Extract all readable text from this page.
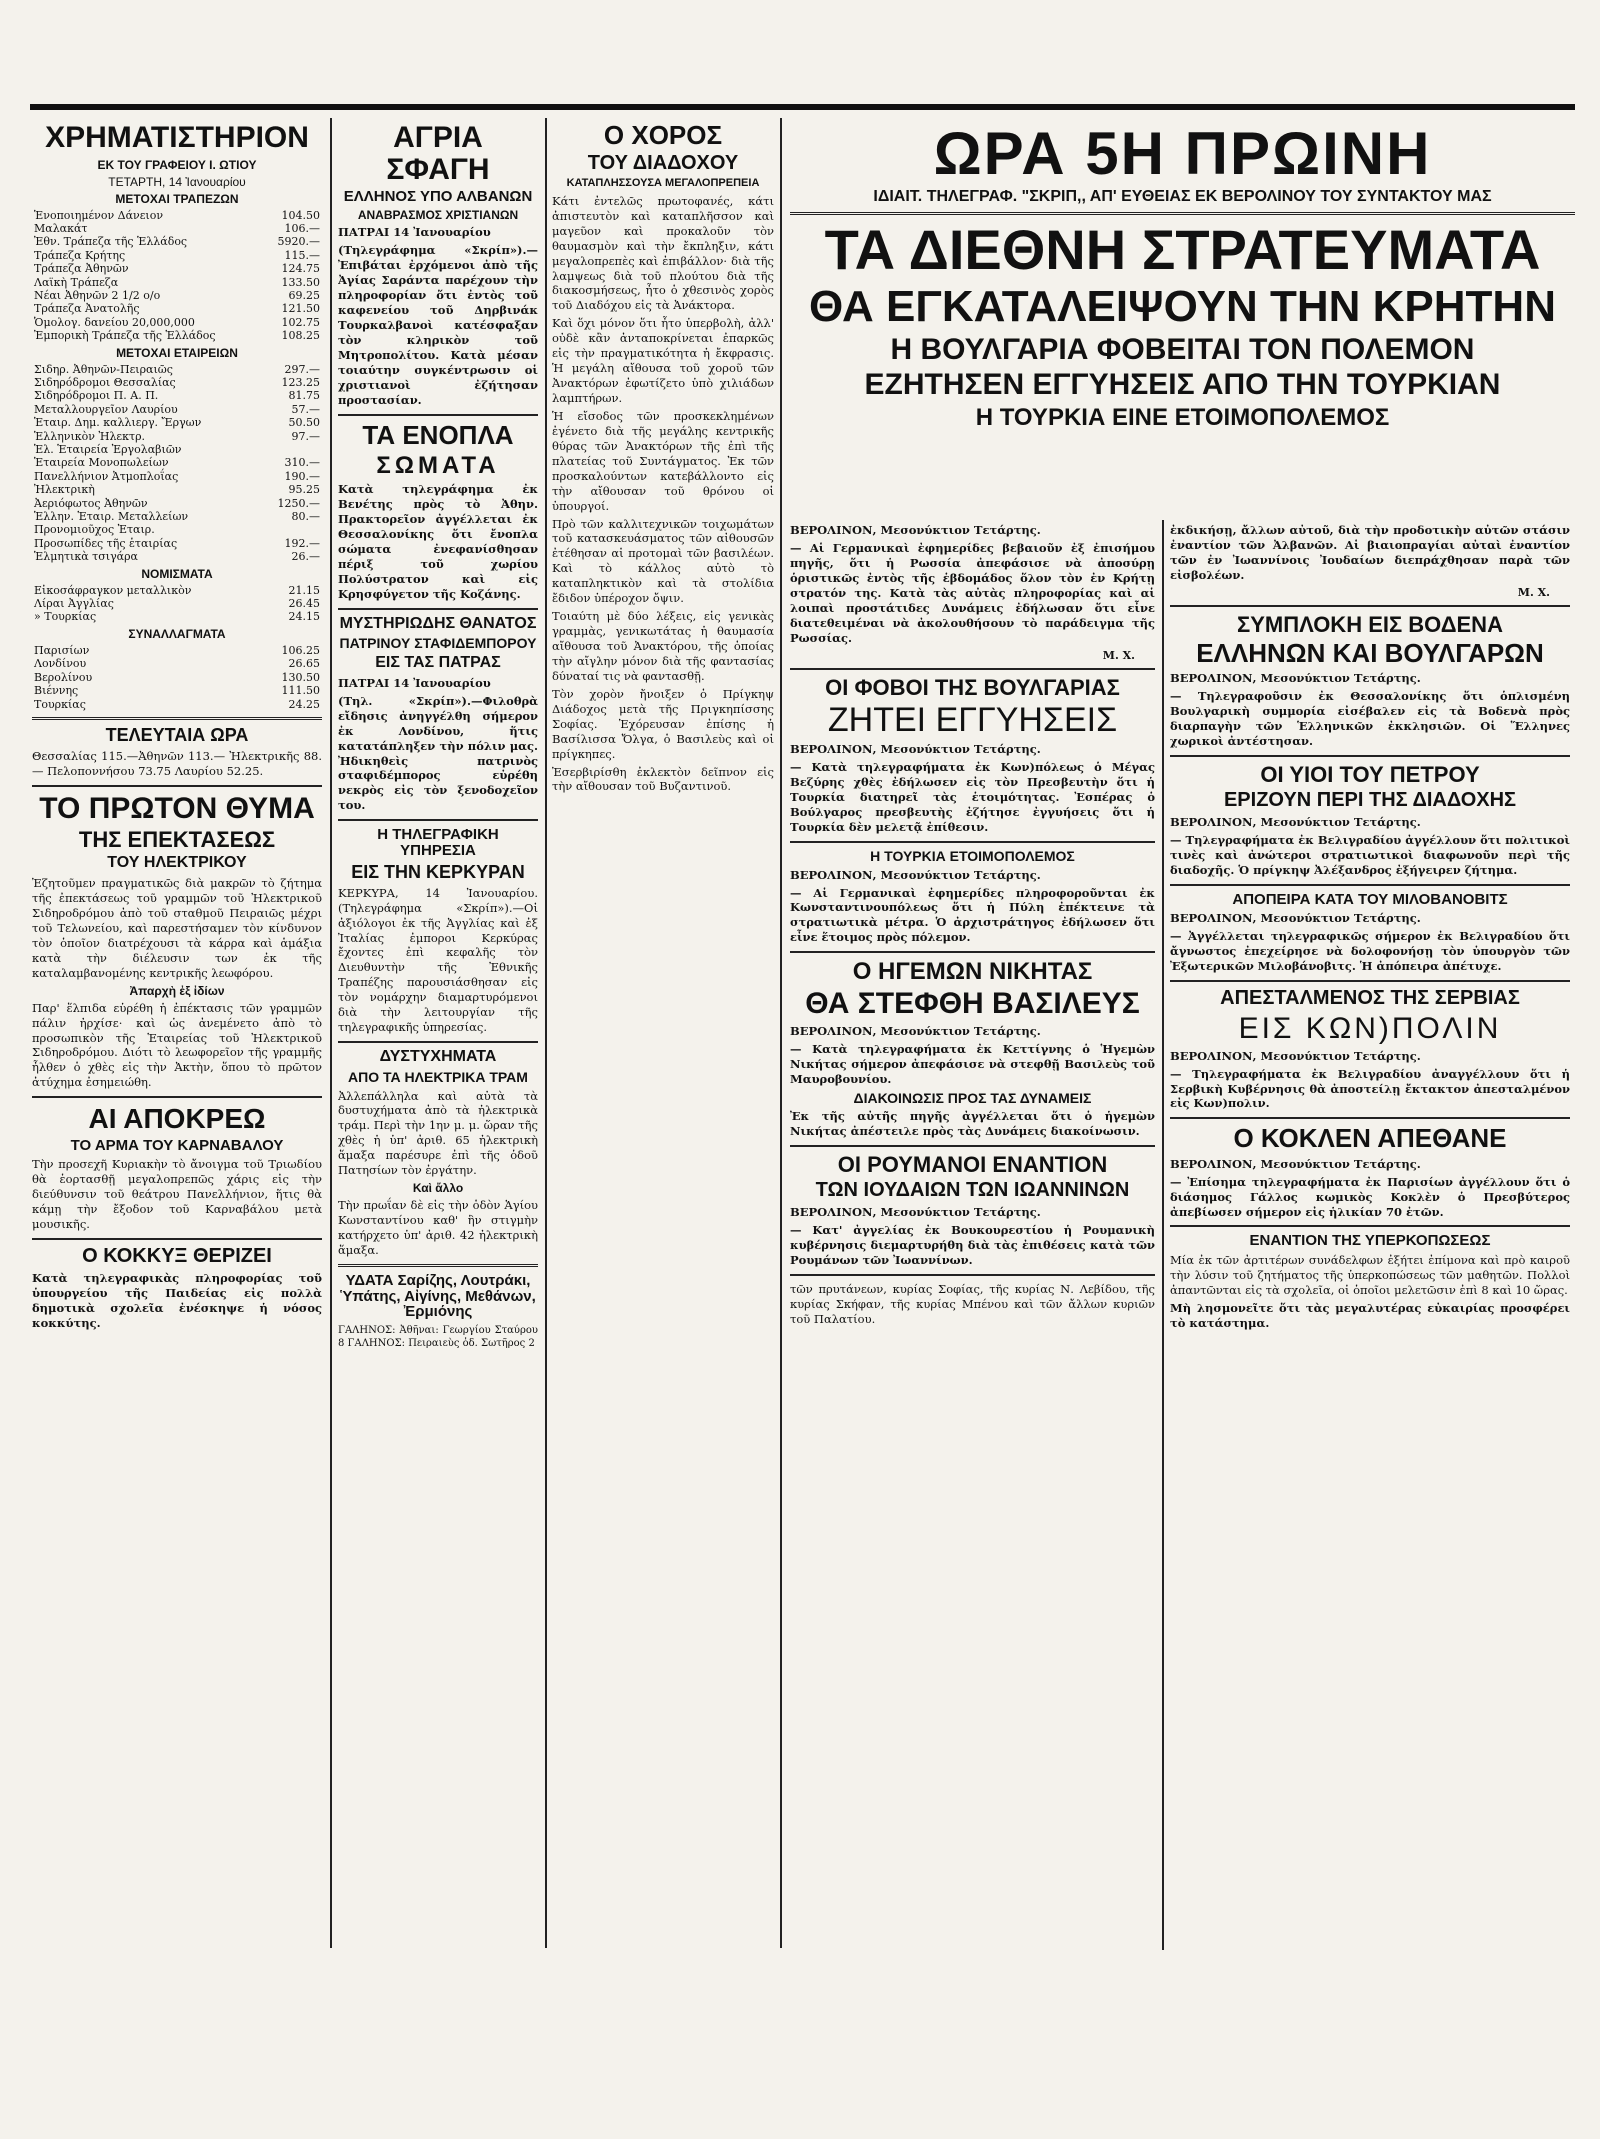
ΧΡΗΜΑΤΙΣΤΗΡΙΟΝ
ΕΚ ΤΟΥ ΓΡΑΦΕΙΟΥ Ι. ΩΤΙΟΥ
ΤΕΤΑΡΤΗ, 14 Ἰανουαρίου
ΜΕΤΟΧΑΙ ΤΡΑΠΕΖΩΝ
Ἑνοποιημένον Δάνειον	104.50
Μαλακάτ	106.—
Ἐθν. Τράπεζα τῆς Ἑλλάδος	5920.—
Τράπεζα Κρήτης	115.—
Τράπεζα Ἀθηνῶν	124.75
Λαϊκὴ Τράπεζα	133.50
Νέαι Ἀθηνῶν 2 1/2 ο/ο	69.25
Τράπεζα Ἀνατολῆς	121.50
Ὁμολογ. δανείου 20,000,000	102.75
Ἐμπορικὴ Τράπεζα τῆς Ἑλλάδος	108.25
ΜΕΤΟΧΑΙ ΕΤΑΙΡΕΙΩΝ
Σιδηρ. Ἀθηνῶν-Πειραιῶς	297.—
Σιδηρόδρομοι Θεσσαλίας	123.25
Σιδηρόδρομοι Π. Α. Π.	81.75
Μεταλλουργεῖον Λαυρίου	57.—
Ἑταιρ. Δημ. καλλιεργ. Ἔργων	50.50
Ἑλληνικὸν Ἠλεκτρ.	97.—
Ἑλ. Ἑταιρεία Ἐργολαβιῶν	
Ἑταιρεία Μονοπωλείων	310.—
Πανελλήνιον Ἀτμοπλοΐας	190.—
Ἠλεκτρικὴ	95.25
Ἀεριόφωτος Ἀθηνῶν	1250.—
Ἑλλην. Ἑταιρ. Μεταλλείων	80.—
Προνομιοῦχος Ἑταιρ.	
Προσωπίδες τῆς ἑταιρίας	192.—
Ἑλμητικὰ τσιγάρα	26.—
ΝΟΜΙΣΜΑΤΑ
Εἰκοσάφραγκον μεταλλικὸν	21.15
Λίραι Ἀγγλίας	26.45
» Τουρκίας	24.15
ΣΥΝΑΛΛΑΓΜΑΤΑ
Παρισίων	106.25
Λονδίνου	26.65
Βερολίνου	130.50
Βιέννης	111.50
Τουρκίας	24.25
ΤΕΛΕΥΤΑΙΑ ΩΡΑ
Θεσσαλίας 115.—Ἀθηνῶν 113.— Ἠλεκτρικῆς 88. — Πελοποννήσου 73.75 Λαυρίου 52.25.
ΤΟ ΠΡΩΤΟΝ ΘΥΜΑ
ΤΗΣ ΕΠΕΚΤΑΣΕΩΣ
ΤΟΥ ΗΛΕΚΤΡΙΚΟΥ
Ἐζητοῦμεν πραγματικῶς διὰ μακρῶν τὸ ζήτημα τῆς ἐπεκτάσεως τοῦ γραμμῶν τοῦ Ἠλεκτρικοῦ Σιδηροδρόμου ἀπὸ τοῦ σταθμοῦ Πειραιῶς μέχρι τοῦ Τελωνείου, καὶ παρεστήσαμεν τὸν κίνδυνον τὸν ὁποῖον διατρέχουσι τὰ κάρρα καὶ ἁμάξια κατὰ τὴν διέλευσιν των ἐκ τῆς καταλαμβανομένης κεντρικῆς λεωφόρου.
Ἀπαρχὴ ἐξ ἰδίων
Παρ' ἕλπιδα εὑρέθη ἡ ἐπέκτασις τῶν γραμμῶν πάλιν ἠρχίσε· καὶ ὡς ἀνεμένετο ἀπὸ τὸ προσωπικὸν τῆς Ἑταιρείας τοῦ Ἠλεκτρικοῦ Σιδηροδρόμου. Διότι τὸ λεωφορεῖον τῆς γραμμῆς ἦλθεν ὁ χθὲς εἰς τὴν Ἀκτὴν, ὅπου τὸ πρῶτον ἀτύχημα ἐσημειώθη.
ΑΙ ΑΠΟΚΡΕΩ
ΤΟ ΑΡΜΑ ΤΟΥ ΚΑΡΝΑΒΑΛΟΥ
Τὴν προσεχῆ Κυριακὴν τὸ ἄνοιγμα τοῦ Τριωδίου θὰ ἑορτασθῇ μεγαλοπρεπῶς χάρις εἰς τὴν διεύθυνσιν τοῦ θεάτρου Πανελλήνιον, ἥτις θὰ κάμῃ τὴν ἔξοδον τοῦ Καρναβάλου μετὰ μουσικῆς.
Ο ΚΟΚΚΥΞ ΘΕΡΙΖΕΙ
Κατὰ τηλεγραφικὰς πληροφορίας τοῦ ὑπουργείου τῆς Παιδείας εἰς πολλὰ δημοτικὰ σχολεῖα ἐνέσκηψε ἡ νόσος κοκκύτης.
ΑΓΡΙΑ ΣΦΑΓΗ
ΕΛΛΗΝΟΣ ΥΠΟ ΑΛΒΑΝΩΝ
ΑΝΑΒΡΑΣΜΟΣ ΧΡΙΣΤΙΑΝΩΝ
ΠΑΤΡΑΙ 14 Ἰανουαρίου
(Τηλεγράφημα «Σκρίπ»).—Ἐπιβάται ἐρχόμενοι ἀπὸ τῆς Ἀγίας Σαράντα παρέχουν τὴν πληροφορίαν ὅτι ἐντὸς τοῦ καφενείου τοῦ Δηρβινάκ Τουρκαλβανοὶ κατέσφαξαν τὸν κληρικὸν τοῦ Μητροπολίτου. Κατὰ μέσαν τοιαύτην συγκέντρωσιν οἱ χριστιανοὶ ἐζήτησαν προστασίαν.
ΤΑ ΕΝΟΠΛΑ
ΣΩΜΑΤΑ
Κατὰ τηλεγράφημα ἐκ Βενέτης πρὸς τὸ Ἀθην. Πρακτορεῖον ἀγγέλλεται ἐκ Θεσσαλονίκης ὅτι ἔνοπλα σώματα ἐνεφανίσθησαν πέριξ τοῦ χωρίου Πολύστρατον καὶ εἰς Κρησφύγετον τῆς Κοζάνης.
ΜΥΣΤΗΡΙΩΔΗΣ ΘΑΝΑΤΟΣ
ΠΑΤΡΙΝΟΥ ΣΤΑΦΙΔΕΜΠΟΡΟΥ
ΕΙΣ ΤΑΣ ΠΑΤΡΑΣ
ΠΑΤΡΑΙ 14 Ἰανουαρίου
(Τηλ. «Σκρίπ»).—Φιλοθρὰ εἴδησις ἀνηγγέλθη σήμερον ἐκ Λονδίνου, ἥτις κατατάπληξεν τὴν πόλιν μας. Ἠδικηθεὶς πατρινὸς σταφιδέμπορος εὑρέθη νεκρὸς εἰς τὸν ξενοδοχεῖον του.
Η ΤΗΛΕΓΡΑΦΙΚΗ ΥΠΗΡΕΣΙΑ
ΕΙΣ ΤΗΝ ΚΕΡΚΥΡΑΝ
ΚΕΡΚΥΡΑ, 14 Ἰανουαρίου. (Τηλεγράφημα «Σκρίπ»).—Οἱ ἀξιόλογοι ἐκ τῆς Ἀγγλίας καὶ ἐξ Ἰταλίας ἐμποροι Κερκύρας ἔχοντες ἐπὶ κεφαλῆς τὸν Διευθυντὴν τῆς Ἐθνικῆς Τραπέζης παρουσιάσθησαν εἰς τὸν νομάρχην διαμαρτυρόμενοι διὰ τὴν λειτουργίαν τῆς τηλεγραφικῆς ὑπηρεσίας.
ΔΥΣΤΥΧΗΜΑΤΑ
ΑΠΟ ΤΑ ΗΛΕΚΤΡΙΚΑ ΤΡΑΜ
Ἀλλεπάλληλα καὶ αὐτὰ τὰ δυστυχήματα ἀπὸ τὰ ἠλεκτρικὰ τράμ. Περὶ τὴν 1ην μ. μ. ὥραν τῆς χθὲς ἡ ὑπ' ἀριθ. 65 ἠλεκτρικὴ ἅμαξα παρέσυρε ἐπὶ τῆς ὁδοῦ Πατησίων τὸν ἐργάτην.
Καὶ ἄλλο
Τὴν πρωΐαν δὲ εἰς τὴν ὁδὸν Ἁγίου Κωνσταντίνου καθ' ἣν στιγμὴν κατήρχετο ὑπ' ἀριθ. 42 ἠλεκτρικὴ ἅμαξα.
ΥΔΑΤΑ Σαρίζης, Λουτράκι, Ὑπάτης, Αἰγίνης, Μεθάνων, Ἐρμιόνης
ΓΑΛΗΝΟΣ: Ἀθῆναι: Γεωργίου Σταύρου 8 ΓΑΛΗΝΟΣ: Πειραιεὺς ὁδ. Σωτῆρος 2
Ο ΧΟΡΟΣ
ΤΟΥ ΔΙΑΔΟΧΟΥ
ΚΑΤΑΠΛΗΣΣΟΥΣΑ ΜΕΓΑΛΟΠΡΕΠΕΙΑ
Κάτι ἐντελῶς πρωτοφανές, κάτι ἀπιστευτὸν καὶ καταπλῆσσον καὶ μαγεῦον καὶ προκαλοῦν τὸν θαυμασμὸν καὶ τὴν ἔκπληξιν, κάτι μεγαλοπρεπὲς καὶ ἐπιβάλλον· διὰ τῆς λαμψεως διὰ τοῦ πλούτου διὰ τῆς διακοσμήσεως, ἦτο ὁ χθεσινὸς χορὸς τοῦ Διαδόχου εἰς τὰ Ἀνάκτορα.
Καὶ ὅχι μόνον ὅτι ἦτο ὑπερβολὴ, ἀλλ' οὐδὲ κἂν ἀνταποκρίνεται ἐπαρκῶς εἰς τὴν πραγματικότητα ἡ ἔκφρασις. Ἡ μεγάλη αἴθουσα τοῦ χοροῦ τῶν Ἀνακτόρων ἐφωτίζετο ὑπὸ χιλιάδων λαμπτήρων.
Ἡ εἴσοδος τῶν προσκεκλημένων ἐγένετο διὰ τῆς μεγάλης κεντρικῆς θύρας τῶν Ἀνακτόρων τῆς ἐπὶ τῆς πλατείας τοῦ Συντάγματος. Ἐκ τῶν προσκαλούντων κατεβάλλοντο εἰς τὴν αἴθουσαν τοῦ θρόνου οἱ ὑπουργοί.
Πρὸ τῶν καλλιτεχνικῶν τοιχωμάτων τοῦ κατασκευάσματος τῶν αἰθουσῶν ἐτέθησαν αἱ προτομαὶ τῶν βασιλέων. Καὶ τὸ κάλλος αὐτὸ τὸ καταπληκτικὸν καὶ τὰ στολίδια ἔδιδον ὑπέροχον ὄψιν.
Τοιαύτη μὲ δύο λέξεις, εἰς γενικὰς γραμμὰς, γενικωτάτας ἡ θαυμασία αἴθουσα τοῦ Ἀνακτόρου, τῆς ὁποίας τὴν αἴγλην μόνον διὰ τῆς φαντασίας δύναταί τις νὰ φαντασθῇ.
Τὸν χορὸν ἤνοιξεν ὁ Πρίγκηψ Διάδοχος μετὰ τῆς Πριγκηπίσσης Σοφίας. Ἐχόρευσαν ἐπίσης ἡ Βασίλισσα Ὄλγα, ὁ Βασιλεὺς καὶ οἱ πρίγκηπες.
Ἐσερβιρίσθη ἐκλεκτὸν δεῖπνον εἰς τὴν αἴθουσαν τοῦ Βυζαντινοῦ.
ΩΡΑ 5Η ΠΡΩΙΝΗ
ΙΔΙΑΙΤ. ΤΗΛΕΓΡΑΦ. "ΣΚΡΙΠ,, ΑΠ' ΕΥΘΕΙΑΣ ΕΚ ΒΕΡΟΛΙΝΟΥ ΤΟΥ ΣΥΝΤΑΚΤΟΥ ΜΑΣ
ΤΑ ΔΙΕΘΝΗ ΣΤΡΑΤΕΥΜΑΤΑ
ΘΑ ΕΓΚΑΤΑΛΕΙΨΟΥΝ ΤΗΝ ΚΡΗΤΗΝ
Η ΒΟΥΛΓΑΡΙΑ ΦΟΒΕΙΤΑΙ ΤΟΝ ΠΟΛΕΜΟΝ
ΕΖΗΤΗΣΕΝ ΕΓΓΥΗΣΕΙΣ ΑΠΟ ΤΗΝ ΤΟΥΡΚΙΑΝ
Η ΤΟΥΡΚΙΑ ΕΙΝΕ ΕΤΟΙΜΟΠΟΛΕΜΟΣ
ΒΕΡΟΛΙΝΟΝ, Μεσονύκτιον Τετάρτης.
— Αἱ Γερμανικαὶ ἐφημερίδες βεβαιοῦν ἐξ ἐπισήμου πηγῆς, ὅτι ἡ Ρωσσία ἀπεφάσισε νὰ ἀποσύρῃ ὁριστικῶς ἐντὸς τῆς ἑβδομάδος ὅλον τὸν ἐν Κρήτῃ στρατόν της. Κατὰ τὰς αὐτὰς πληροφορίας καὶ αἱ λοιπαὶ προστάτιδες Δυνάμεις ἐδήλωσαν ὅτι εἶνε διατεθειμέναι νὰ ἀκολουθήσουν τὸ παράδειγμα τῆς Ρωσσίας.
Μ. Χ.
ΟΙ ΦΟΒΟΙ ΤΗΣ ΒΟΥΛΓΑΡΙΑΣ
ΖΗΤΕΙ ΕΓΓΥΗΣΕΙΣ
ΒΕΡΟΛΙΝΟΝ, Μεσονύκτιον Τετάρτης.
— Κατὰ τηλεγραφήματα ἐκ Κων)πόλεως ὁ Μέγας Βεζύρης χθὲς ἐδήλωσεν εἰς τὸν Πρεσβευτὴν ὅτι ἡ Τουρκία διατηρεῖ τὰς ἑτοιμότητας. Ἐσπέρας ὁ Βούλγαρος πρεσβευτὴς ἐζήτησε ἐγγυήσεις ὅτι ἡ Τουρκία δὲν μελετᾷ ἐπίθεσιν.
Η ΤΟΥΡΚΙΑ ΕΤΟΙΜΟΠΟΛΕΜΟΣ
ΒΕΡΟΛΙΝΟΝ, Μεσονύκτιον Τετάρτης.
— Αἱ Γερμανικαὶ ἐφημερίδες πληροφοροῦνται ἐκ Κωνσταντινουπόλεως ὅτι ἡ Πύλη ἐπέκτεινε τὰ στρατιωτικὰ μέτρα. Ὁ ἀρχιστράτηγος ἐδήλωσεν ὅτι εἶνε ἕτοιμος πρὸς πόλεμον.
Ο ΗΓΕΜΩΝ ΝΙΚΗΤΑΣ
ΘΑ ΣΤΕΦΘΗ ΒΑΣΙΛΕΥΣ
ΒΕΡΟΛΙΝΟΝ, Μεσονύκτιον Τετάρτης.
— Κατὰ τηλεγραφήματα ἐκ Κεττίγνης ὁ Ἡγεμὼν Νικήτας σήμερον ἀπεφάσισε νὰ στεφθῇ Βασιλεὺς τοῦ Μαυροβουνίου.
ΔΙΑΚΟΙΝΩΣΙΣ ΠΡΟΣ ΤΑΣ ΔΥΝΑΜΕΙΣ
Ἐκ τῆς αὐτῆς πηγῆς ἀγγέλλεται ὅτι ὁ ἡγεμὼν Νικήτας ἀπέστειλε πρὸς τὰς Δυνάμεις διακοίνωσιν.
ΟΙ ΡΟΥΜΑΝΟΙ ΕΝΑΝΤΙΟΝ
ΤΩΝ ΙΟΥΔΑΙΩΝ ΤΩΝ ΙΩΑΝΝΙΝΩΝ
ΒΕΡΟΛΙΝΟΝ, Μεσονύκτιον Τετάρτης.
— Κατ' ἀγγελίας ἐκ Βουκουρεστίου ἡ Ρουμανικὴ κυβέρνησις διεμαρτυρήθη διὰ τὰς ἐπιθέσεις κατὰ τῶν Ρουμάνων τῶν Ἰωαννίνων.
τῶν πρυτάνεων, κυρίας Σοφίας, τῆς κυρίας Ν. Λεβίδου, τῆς κυρίας Σκήφαν, τῆς κυρίας Μπένου καὶ τῶν ἄλλων κυριῶν τοῦ Παλατίου.
ἐκδικήσῃ, ἄλλων αὐτοῦ, διὰ τὴν προδοτικὴν αὐτῶν στάσιν ἐναντίον τῶν Ἀλβανῶν. Αἱ βιαιοπραγίαι αὐταὶ ἐναντίον τῶν ἐν Ἰωαννίνοις Ἰουδαίων διεπράχθησαν παρὰ τῶν εἰσβολέων.
Μ. Χ.
ΣΥΜΠΛΟΚΗ ΕΙΣ ΒΟΔΕΝΑ
ΕΛΛΗΝΩΝ ΚΑΙ ΒΟΥΛΓΑΡΩΝ
ΒΕΡΟΛΙΝΟΝ, Μεσονύκτιον Τετάρτης.
— Τηλεγραφοῦσιν ἐκ Θεσσαλονίκης ὅτι ὁπλισμένη Βουλγαρικὴ συμμορία εἰσέβαλεν εἰς τὰ Βοδενὰ πρὸς διαρπαγὴν τῶν Ἑλληνικῶν ἐκκλησιῶν. Οἱ Ἕλληνες χωρικοὶ ἀντέστησαν.
ΟΙ ΥΙΟΙ ΤΟΥ ΠΕΤΡΟΥ
ΕΡΙΖΟΥΝ ΠΕΡΙ ΤΗΣ ΔΙΑΔΟΧΗΣ
ΒΕΡΟΛΙΝΟΝ, Μεσονύκτιον Τετάρτης.
— Τηλεγραφήματα ἐκ Βελιγραδίου ἀγγέλλουν ὅτι πολιτικοὶ τινὲς καὶ ἀνώτεροι στρατιωτικοὶ διαφωνοῦν περὶ τῆς διαδοχῆς. Ὁ πρίγκηψ Ἀλέξανδρος ἐξήγειρεν ζήτημα.
ΑΠΟΠΕΙΡΑ ΚΑΤΑ ΤΟΥ ΜΙΛΟΒΑΝΟΒΙΤΣ
ΒΕΡΟΛΙΝΟΝ, Μεσονύκτιον Τετάρτης.
— Ἀγγέλλεται τηλεγραφικῶς σήμερον ἐκ Βελιγραδίου ὅτι ἄγνωστος ἐπεχείρησε νὰ δολοφονήσῃ τὸν ὑπουργὸν τῶν Ἐξωτερικῶν Μιλοβάνοβιτς. Ἡ ἀπόπειρα ἀπέτυχε.
ΑΠΕΣΤΑΛΜΕΝΟΣ ΤΗΣ ΣΕΡΒΙΑΣ
ΕΙΣ ΚΩΝ)ΠΟΛΙΝ
ΒΕΡΟΛΙΝΟΝ, Μεσονύκτιον Τετάρτης.
— Τηλεγραφήματα ἐκ Βελιγραδίου ἀναγγέλλουν ὅτι ἡ Σερβικὴ Κυβέρνησις θὰ ἀποστείλῃ ἔκτακτον ἀπεσταλμένον εἰς Κων)πολιν.
Ο ΚΟΚΛΕΝ ΑΠΕΘΑΝΕ
ΒΕΡΟΛΙΝΟΝ, Μεσονύκτιον Τετάρτης.
— Ἐπίσημα τηλεγραφήματα ἐκ Παρισίων ἀγγέλλουν ὅτι ὁ διάσημος Γάλλος κωμικὸς Κοκλὲν ὁ Πρεσβύτερος ἀπεβίωσεν σήμερον εἰς ἡλικίαν 70 ἐτῶν.
ΕΝΑΝΤΙΟΝ ΤΗΣ ΥΠΕΡΚΟΠΩΣΕΩΣ
Μία ἐκ τῶν ἀρτιτέρων συνάδελφων ἐξήτει ἐπίμονα καὶ πρὸ καιροῦ τὴν λύσιν τοῦ ζητήματος τῆς ὑπερκοπώσεως τῶν μαθητῶν. Πολλοὶ ἀπαντῶνται εἰς τὰ σχολεῖα, οἱ ὁποῖοι μελετῶσιν ἐπὶ 8 καὶ 10 ὥρας.
Μὴ λησμονεῖτε ὅτι τὰς μεγαλυτέρας εὐκαιρίας προσφέρει τὸ κατάστημα.
